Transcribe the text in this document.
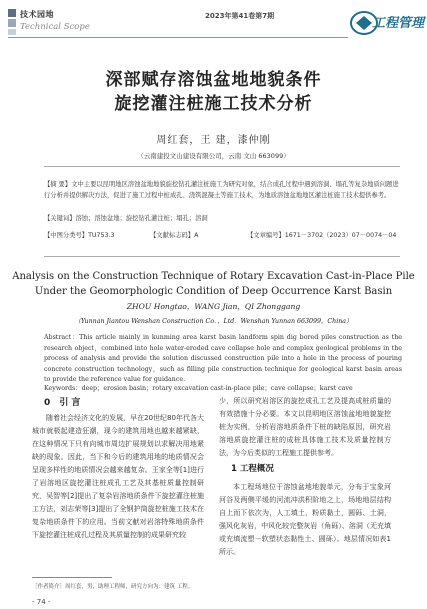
技术园地
Technical Scope
2023年第41卷第7期	工程管理
深部赋存溶蚀盆地地貌条件
旋挖灌注桩施工技术分析
周红套，王 建，漆仲刚
（云南建投文山建设有限公司，云南 文山 663099）
【摘 要】文中主要以昆明地区溶蚀盆地地貌旋挖钻孔灌注桩施工为研究对象，结合成孔过程中遇到溶洞、塌孔等复杂地质问题进行分析并提供解决方法，促进了施工过程中桩成孔、浇筑混凝土等施工技术，为地质溶蚀盆地地区灌注桩施工技术提供参考。
【关键词】溶蚀；溶蚀盆地；旋挖钻孔灌注桩；塌孔；溶洞
【中图分类号】TU753.3	【文献标志码】A	【文章编号】1671－3702（2023）07－0074－04
Analysis on the Construction Technique of Rotary Excavation Cast-in-Place Pile
Under the Geomorphologic Condition of Deep Occurrence Karst Basin
ZHOU Hongtao，WANG Jian，QI Zhonggang
（Yunnan Jiantou Wenshan Construction Co．，Ltd．Wenshan Yunnan 663099，China）
Abstract：This article mainly in kunming area karst basin landform spin dig bored piles construction as the research object，combined into hole water-eroded cave collapse hole and complex geological problems in the process of analysis and provide the solution discussed construction pile into a hole in the process of pouring concrete construction technology，such as filling pile construction technique for geological karst basin areas to provide the reference value for guidance.
Keywords：deep；erosion basin；rotary excavation cast-in-place pile；cave collapse；karst cave
0 引言
随着社会经济文化的发展，早在20世纪80年代各大城市就极起建造狂潮，现今的建筑用地也越来越紧缺，在这种情况下只有向城市周边扩展规划以求解决用地紧缺的现象。因此，当下和今后的建筑用地的地质情况会呈现多样性的地质情况会越来越复杂。王家全等[1]进行了岩溶地区旋挖灌注桩成孔工艺及其基桩质量控制研究，吴智等[2]提出了复杂岩溶地质条件下旋挖灌注桩施工方法，刘志荣等[3]提出了全钢护筒旋挖桩施工技术在复杂地质条件下的应用。当前文献对岩溶特殊地质条件下旋挖灌注桩成孔过程及其质量控制的成果研究较
少，所以研究岩溶区的旋挖成孔工艺及提高成桩质量的有效措施十分必要。本文以昆明地区溶蚀盆地地貌旋挖桩为实例，分析岩溶地质条件下桩的缺陷原因，研究岩溶地质旋挖灌注桩的成桩具体施工技术及质量控制方法，为今后类似的工程施工提供参考。
1 工程概况
本工程场地位于溶蚀盆地地貌单元，分布于宝象河河谷及两侧平缓的河流冲洪积阶地之上，场地地层结构自上而下依次为，人工填土，粉质黏土，圆砾、土洞，强风化灰岩，中风化较完整灰岩（角砾）、溶洞（无充填或充填流塑－软塑状态黏性土、圆砾）。地层情况如表1所示。
［作者简介］周红套，男，助理工程师，研究方向为：建筑 工程。
- 74 -
